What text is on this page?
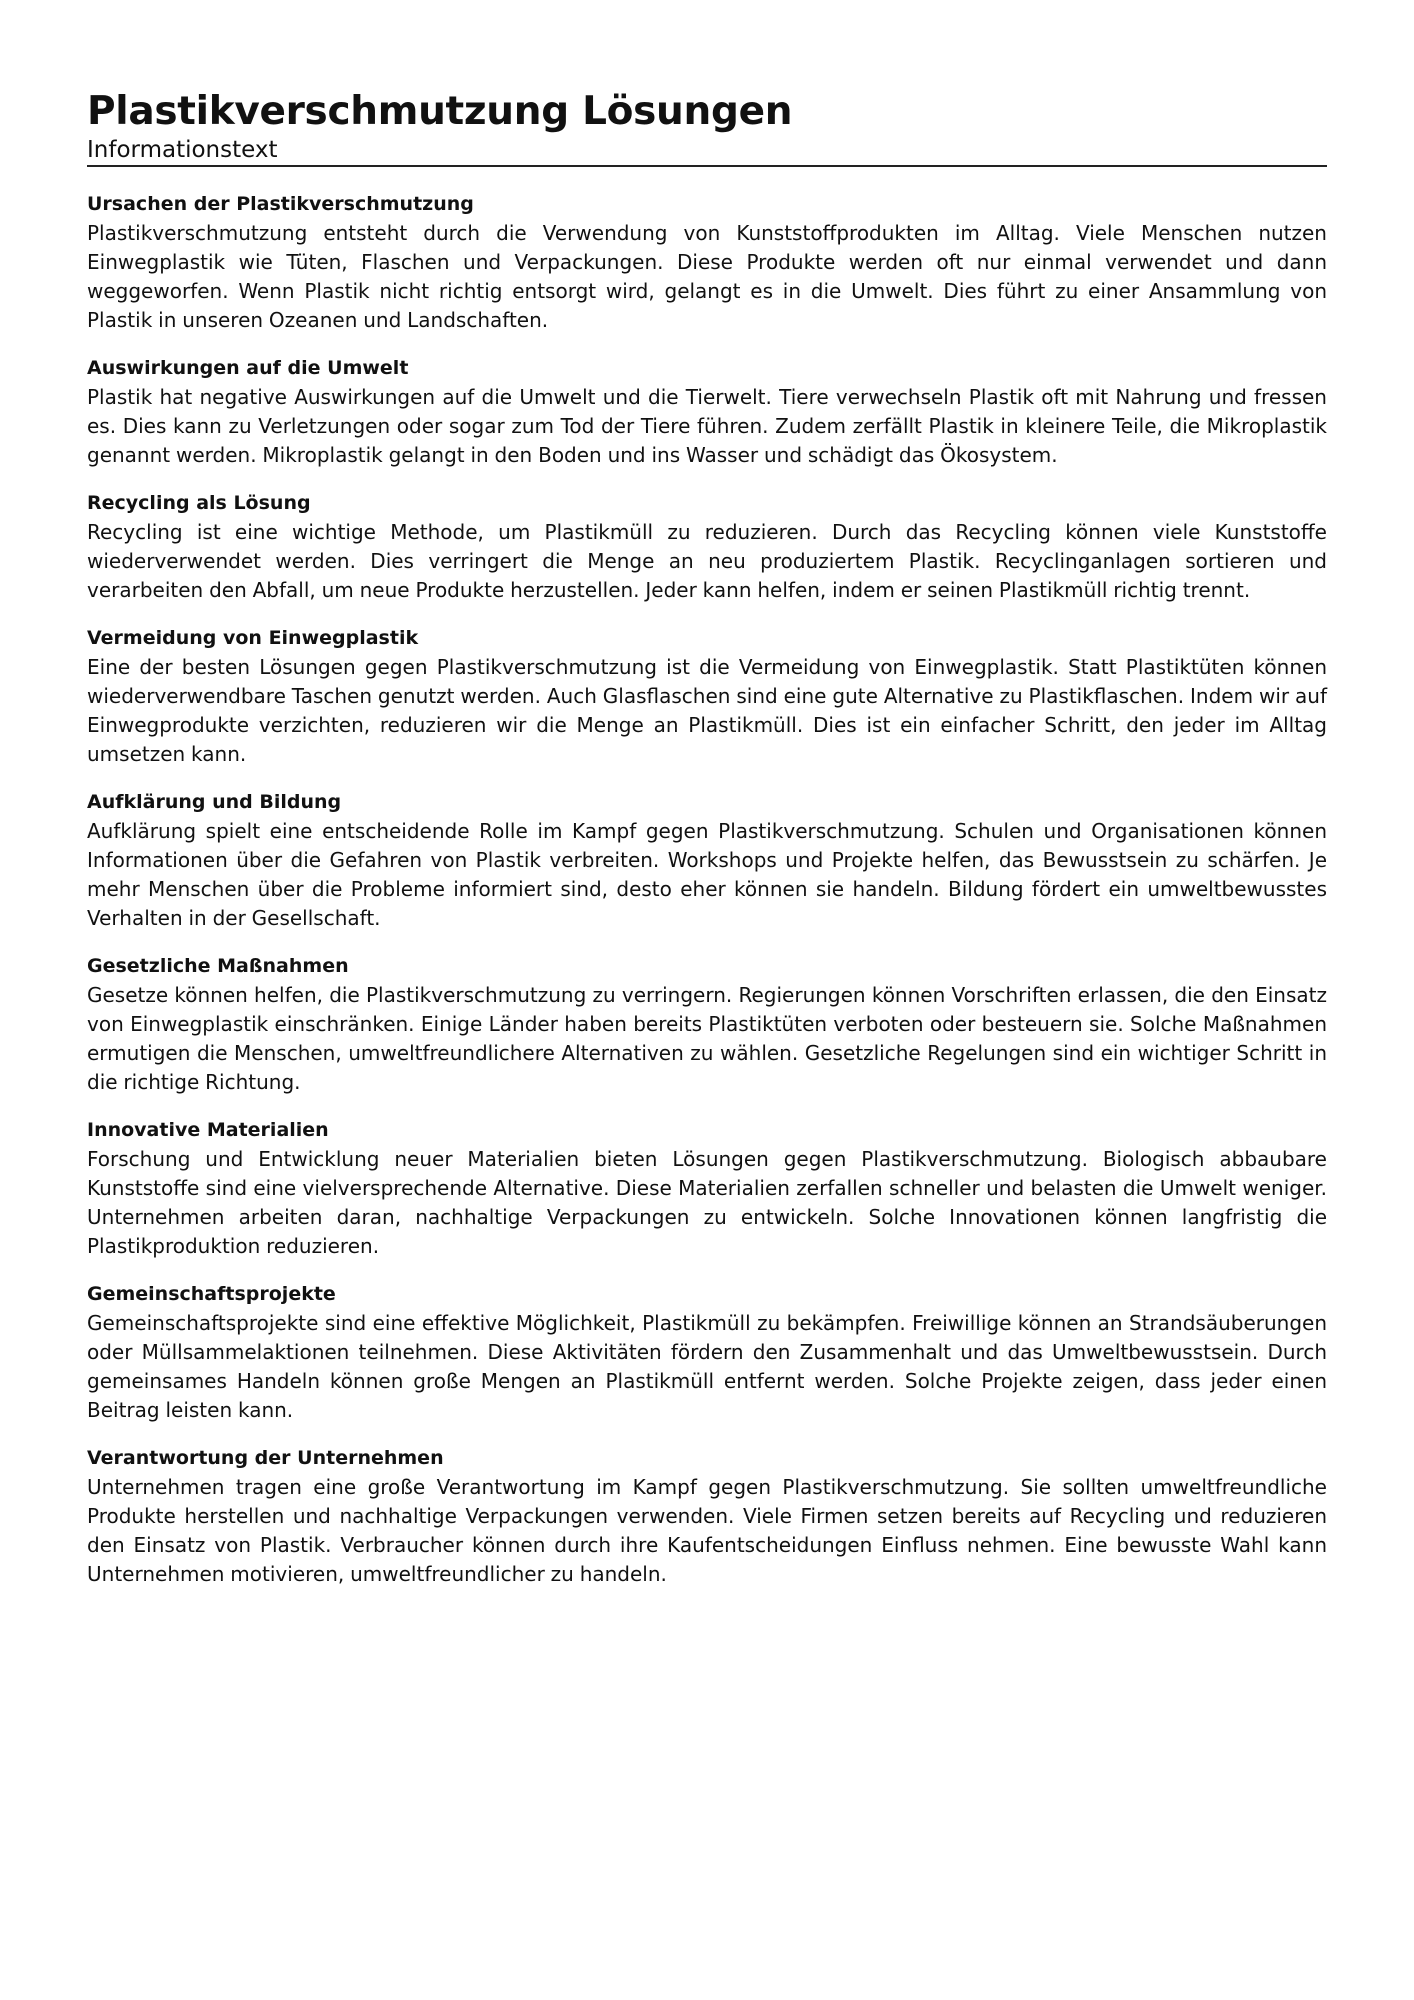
Plastikverschmutzung Lösungen
Informationstext
Ursachen der Plastikverschmutzung

Plastikverschmutzung entsteht durch die Verwendung von Kunststoffprodukten im Alltag. Viele Menschen nutzen Einwegplastik wie Tüten, Flaschen und Verpackungen. Diese Produkte werden oft nur einmal verwendet und dann weggeworfen. Wenn Plastik nicht richtig entsorgt wird, gelangt es in die Umwelt. Dies führt zu einer Ansammlung von Plastik in unseren Ozeanen und Landschaften.

Auswirkungen auf die Umwelt

Plastik hat negative Auswirkungen auf die Umwelt und die Tierwelt. Tiere verwechseln Plastik oft mit Nahrung und fressen es. Dies kann zu Verletzungen oder sogar zum Tod der Tiere führen. Zudem zerfällt Plastik in kleinere Teile, die Mikroplastik genannt werden. Mikroplastik gelangt in den Boden und ins Wasser und schädigt das Ökosystem.

Recycling als Lösung

Recycling ist eine wichtige Methode, um Plastikmüll zu reduzieren. Durch das Recycling können viele Kunststoffe wiederverwendet werden. Dies verringert die Menge an neu produziertem Plastik. Recyclinganlagen sortieren und verarbeiten den Abfall, um neue Produkte herzustellen. Jeder kann helfen, indem er seinen Plastikmüll richtig trennt.

Vermeidung von Einwegplastik

Eine der besten Lösungen gegen Plastikverschmutzung ist die Vermeidung von Einwegplastik. Statt Plastiktüten können wiederverwendbare Taschen genutzt werden. Auch Glasflaschen sind eine gute Alternative zu Plastikflaschen. Indem wir auf Einwegprodukte verzichten, reduzieren wir die Menge an Plastikmüll. Dies ist ein einfacher Schritt, den jeder im Alltag umsetzen kann.

Aufklärung und Bildung

Aufklärung spielt eine entscheidende Rolle im Kampf gegen Plastikverschmutzung. Schulen und Organisationen können Informationen über die Gefahren von Plastik verbreiten. Workshops und Projekte helfen, das Bewusstsein zu schärfen. Je mehr Menschen über die Probleme informiert sind, desto eher können sie handeln. Bildung fördert ein umweltbewusstes Verhalten in der Gesellschaft.

Gesetzliche Maßnahmen

Gesetze können helfen, die Plastikverschmutzung zu verringern. Regierungen können Vorschriften erlassen, die den Einsatz von Einwegplastik einschränken. Einige Länder haben bereits Plastiktüten verboten oder besteuern sie. Solche Maßnahmen ermutigen die Menschen, umweltfreundlichere Alternativen zu wählen. Gesetzliche Regelungen sind ein wichtiger Schritt in die richtige Richtung.

Innovative Materialien

Forschung und Entwicklung neuer Materialien bieten Lösungen gegen Plastikverschmutzung. Biologisch abbaubare Kunststoffe sind eine vielversprechende Alternative. Diese Materialien zerfallen schneller und belasten die Umwelt weniger. Unternehmen arbeiten daran, nachhaltige Verpackungen zu entwickeln. Solche Innovationen können langfristig die Plastikproduktion reduzieren.

Gemeinschaftsprojekte

Gemeinschaftsprojekte sind eine effektive Möglichkeit, Plastikmüll zu bekämpfen. Freiwillige können an Strandsäuberungen oder Müllsammelaktionen teilnehmen. Diese Aktivitäten fördern den Zusammenhalt und das Umweltbewusstsein. Durch gemeinsames Handeln können große Mengen an Plastikmüll entfernt werden. Solche Projekte zeigen, dass jeder einen Beitrag leisten kann.

Verantwortung der Unternehmen

Unternehmen tragen eine große Verantwortung im Kampf gegen Plastikverschmutzung. Sie sollten umweltfreundliche Produkte herstellen und nachhaltige Verpackungen verwenden. Viele Firmen setzen bereits auf Recycling und reduzieren den Einsatz von Plastik. Verbraucher können durch ihre Kaufentscheidungen Einfluss nehmen. Eine bewusste Wahl kann Unternehmen motivieren, umweltfreundlicher zu handeln.
